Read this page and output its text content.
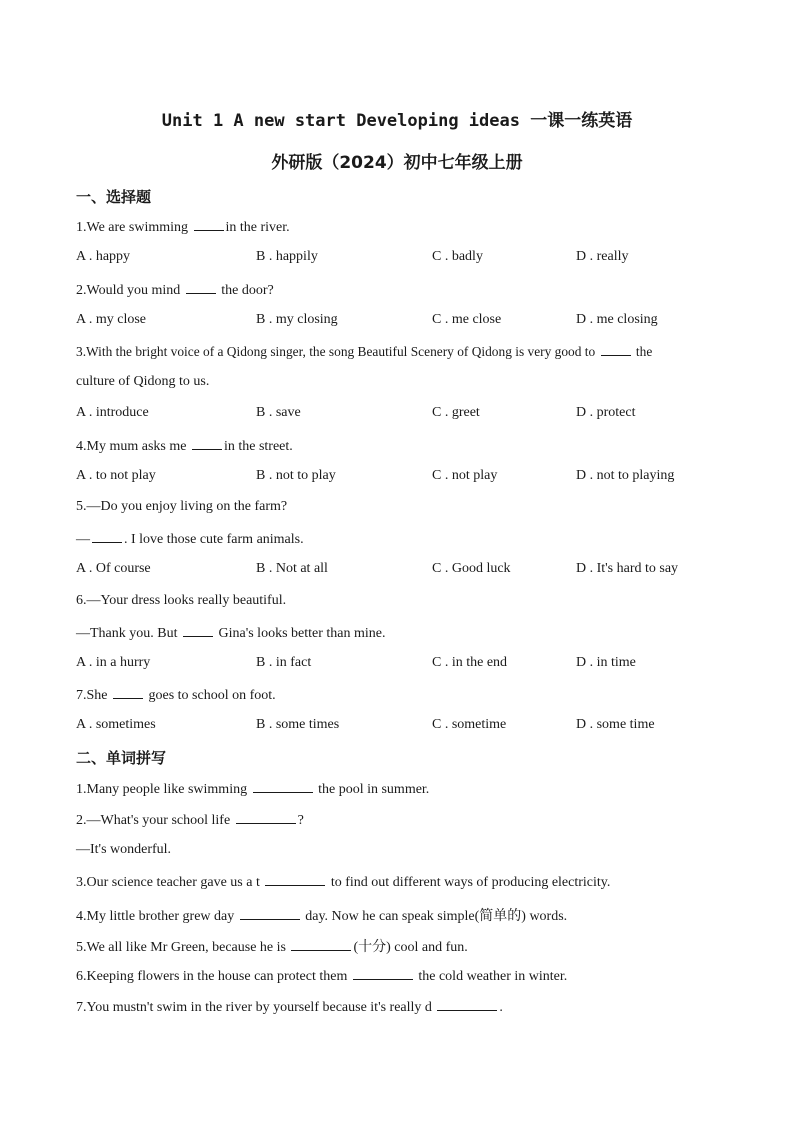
Unit 1 A new start Developing ideas 一课一练英语
外研版（2024）初中七年级上册
一、选择题
1.We are swimming in the river.
A . happy	B . happily	C . badly	D . really
2.Would you mind  the door?
A . my close	B . my closing	C . me close	D . me closing
3.With the bright voice of a Qidong singer, the song Beautiful Scenery of Qidong is very good to	the
culture of Qidong to us.
A . introduce	B . save	C . greet	D . protect
4.My mum asks me in the street.
A . to not play	B . not to play	C . not play	D . not to playing
5.—Do you enjoy living on the farm?
— . I love those cute farm animals.
A . Of course	B . Not at all	C . Good luck	D . It's hard to say
6.—Your dress looks really beautiful.
—Thank you. But  Gina's looks better than mine.
A . in a hurry	B . in fact	C . in the end	D . in time
7.She  goes to school on foot.
A . sometimes	B . some times	C . sometime	D . some time
二、单词拼写
1.Many people like swimming	the pool in summer.
2.—What's your school life	?
—It's wonderful.
3.Our science teacher gave us a t	to find out different ways of producing electricity.
4.My little brother grew day	day. Now he can speak simple(简单的) words.
5.We all like Mr Green, because he is	(十分) cool and fun.
6.Keeping flowers in the house can protect them	the cold weather in winter.
7.You mustn't swim in the river by yourself because it's really d	.
